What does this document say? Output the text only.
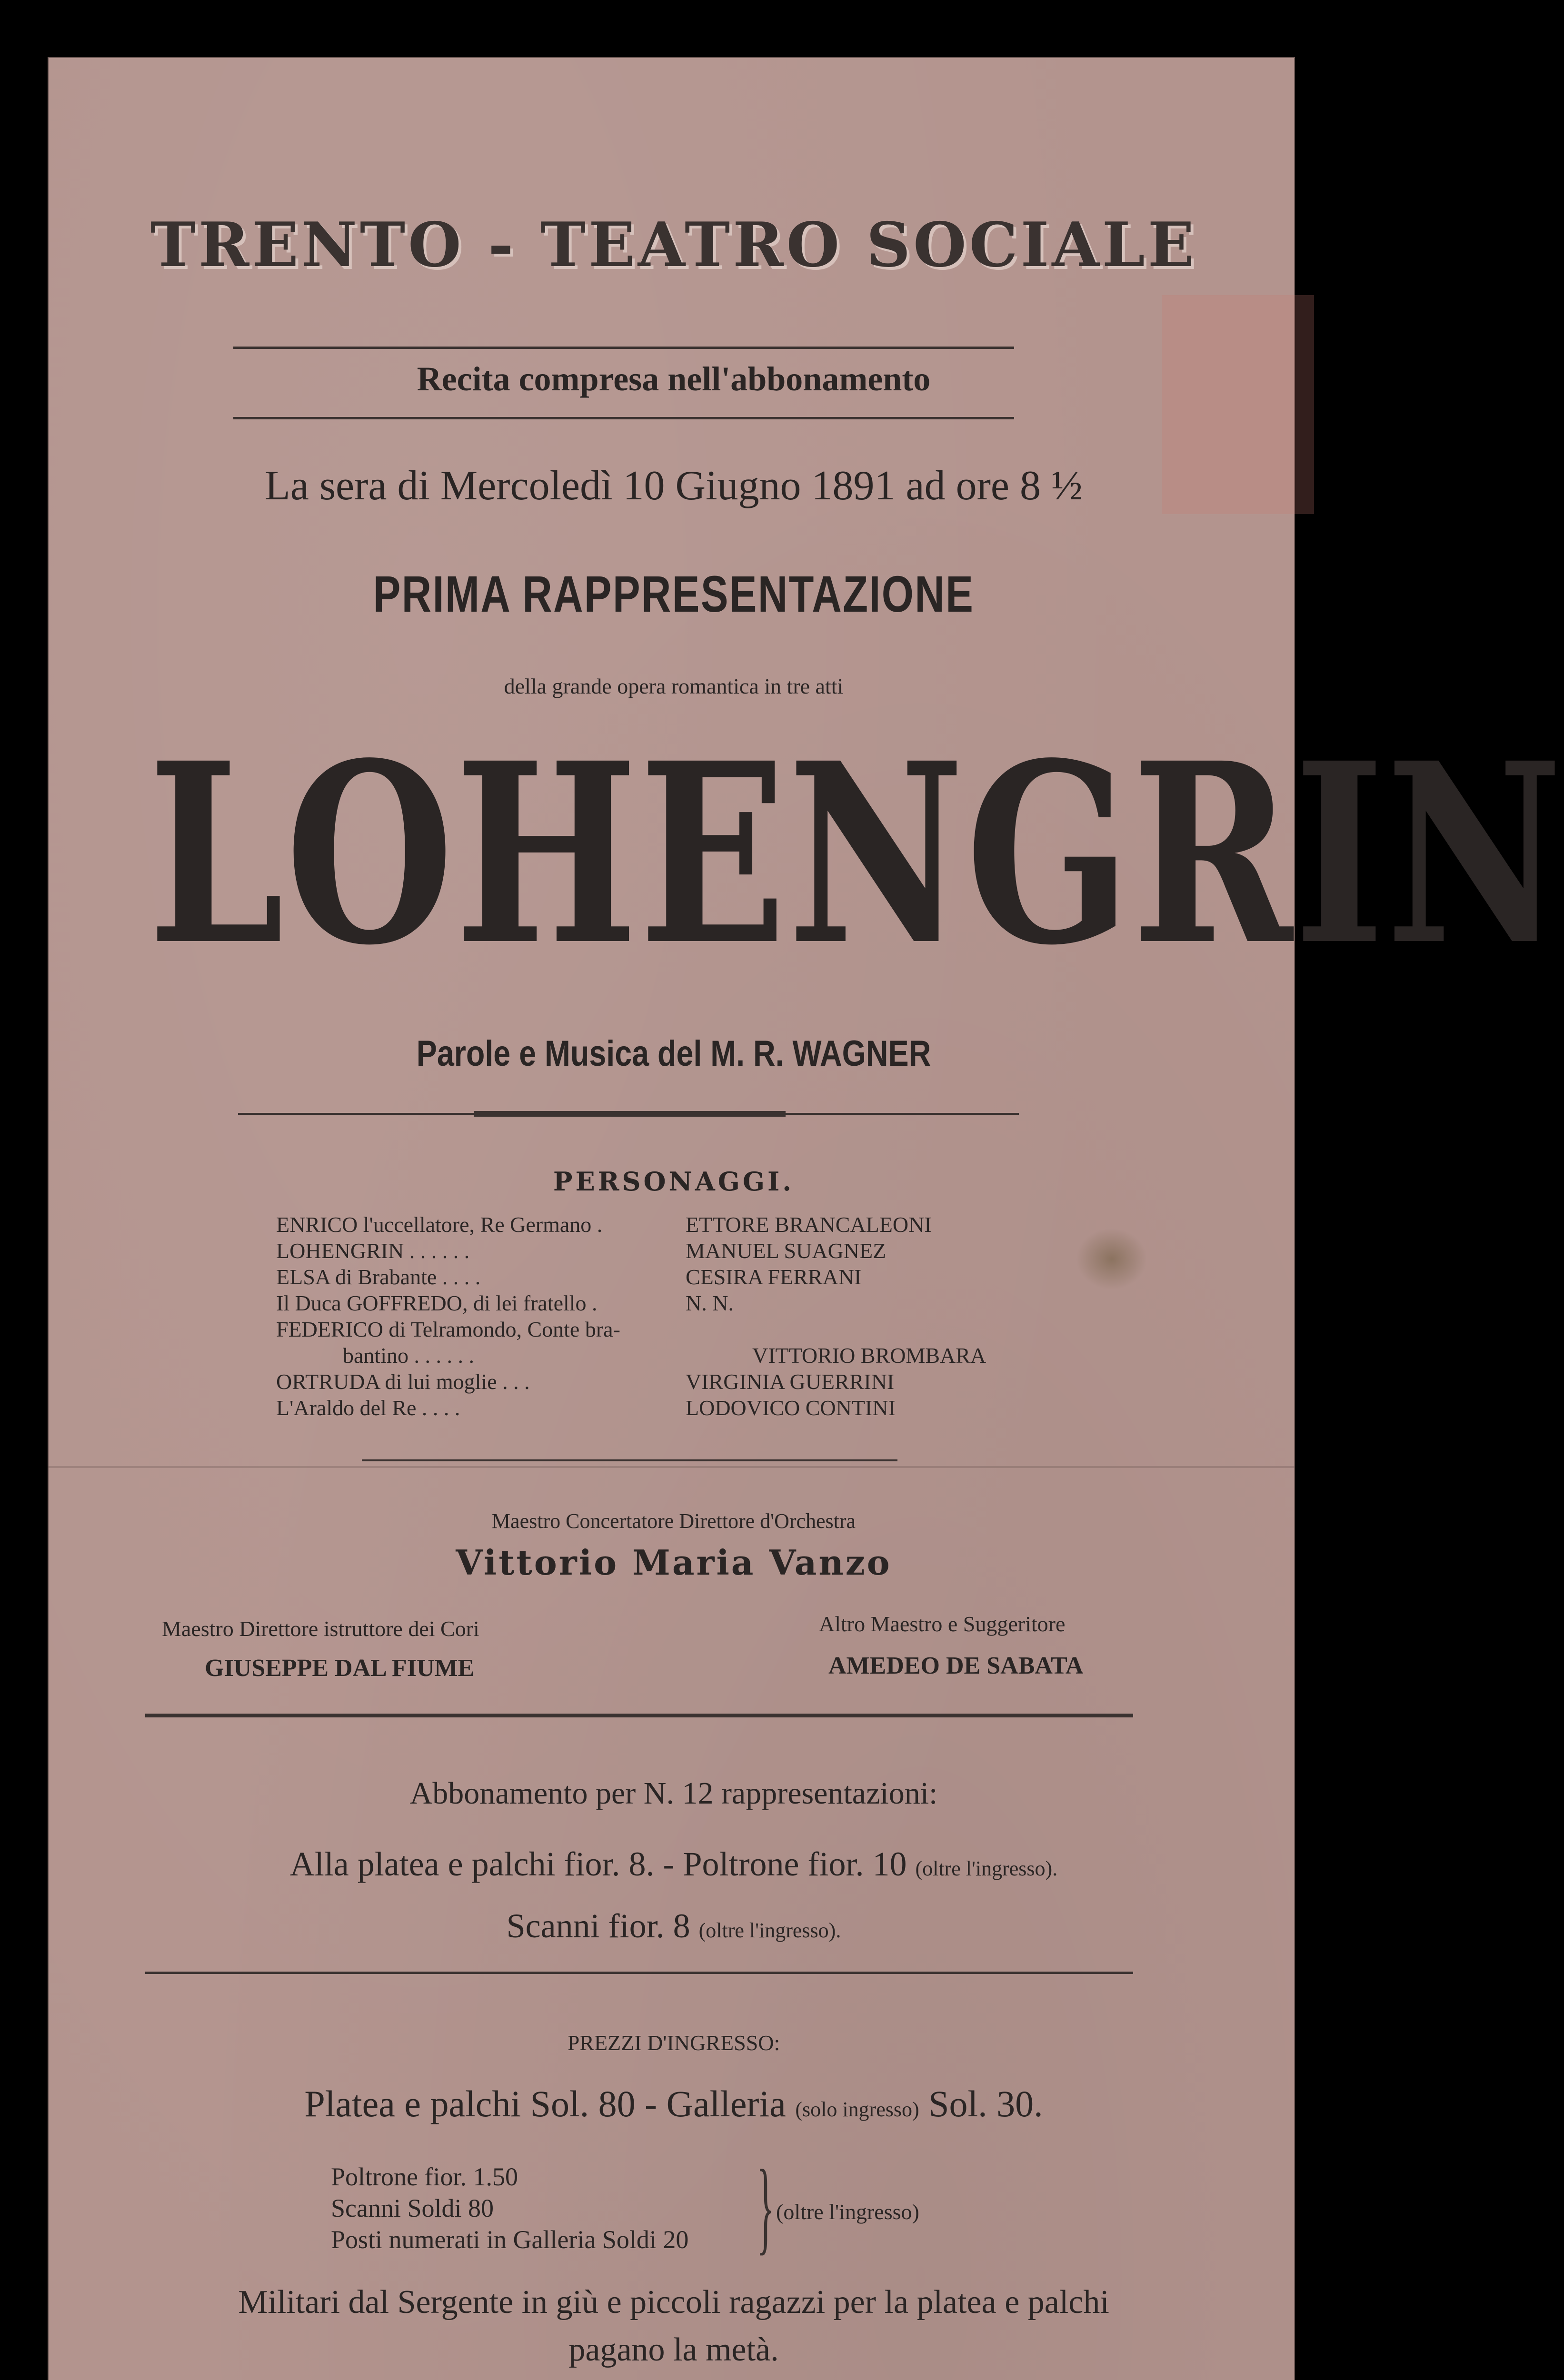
TRENTO - TEATRO SOCIALE
Recita compresa nell'abbonamento
La sera di Mercoledì 10 Giugno 1891 ad ore 8 ½
PRIMA RAPPRESENTAZIONE
della grande opera romantica in tre atti
LOHENGRIN
Parole e Musica del M. R. WAGNER
PERSONAGGI.
ENRICO l'uccellatore, Re Germano .	ETTORE BRANCALEONI
LOHENGRIN . . . . . .	MANUEL SUAGNEZ
ELSA di Brabante . . . .	CESIRA FERRANI
Il Duca GOFFREDO, di lei fratello .	N. N.
FEDERICO di Telramondo, Conte bra-
bantino . . . . . .	VITTORIO BROMBARA
ORTRUDA di lui moglie . . .	VIRGINIA GUERRINI
L'Araldo del Re . . . .	LODOVICO CONTINI
Maestro Concertatore Direttore d'Orchestra
Vittorio Maria Vanzo
Maestro Direttore istruttore dei Cori
GIUSEPPE DAL FIUME
Altro Maestro e Suggeritore
AMEDEO DE SABATA
Abbonamento per N. 12 rappresentazioni:
Alla platea e palchi fior. 8. - Poltrone fior. 10 (oltre l'ingresso).
Scanni fior. 8 (oltre l'ingresso).
PREZZI D'INGRESSO:
Platea e palchi Sol. 80 - Galleria (solo ingresso) Sol. 30.
Poltrone fior. 1.50
Scanni Soldi 80
Posti numerati in Galleria Soldi 20 } (oltre l'ingresso)
Militari dal Sergente in giù e piccoli ragazzi per la platea e palchi
pagano la metà.
